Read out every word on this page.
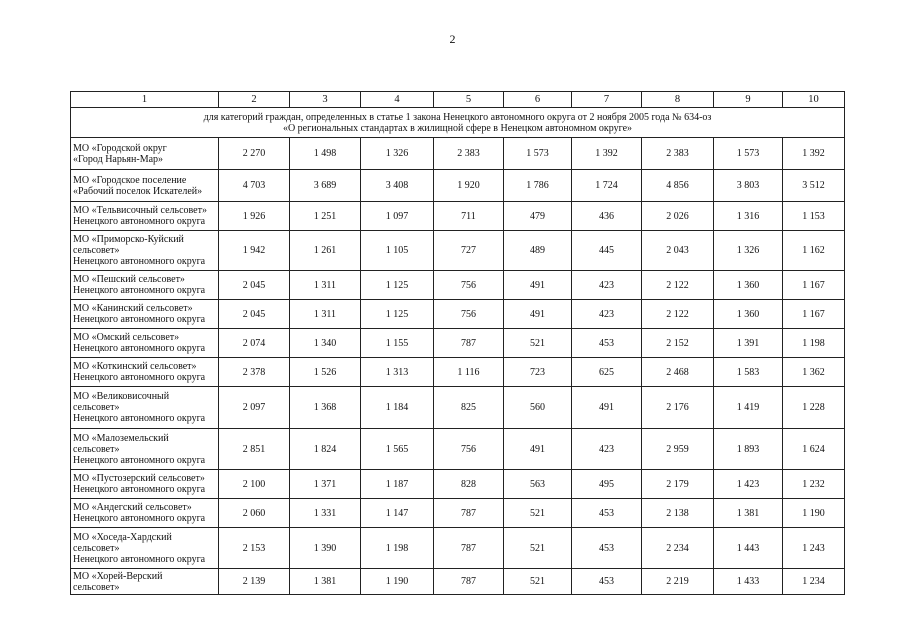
2
1	2	3	4	5	6	7	8	9	10

для категорий граждан, определенных в статье 1 закона Ненецкого автономного округа от 2 ноября 2005 года № 634-оз
«О региональных стандартах в жилищной сфере в Ненецком автономном округе»									

МО «Городской округ
«Город Нарьян-Мар»	2 270	1 498	1 326	2 383	1 573	1 392	2 383	1 573	1 392

МО «Городское поселение
«Рабочий поселок Искателей»	4 703	3 689	3 408	1 920	1 786	1 724	4 856	3 803	3 512

МО «Тельвисочный сельсовет»
Ненецкого автономного округа	1 926	1 251	1 097	711	479	436	2 026	1 316	1 153

МО «Приморско-Куйский
сельсовет»
Ненецкого автономного округа	1 942	1 261	1 105	727	489	445	2 043	1 326	1 162

МО «Пешский сельсовет»
Ненецкого автономного округа	2 045	1 311	1 125	756	491	423	2 122	1 360	1 167

МО «Канинский сельсовет»
Ненецкого автономного округа	2 045	1 311	1 125	756	491	423	2 122	1 360	1 167

МО «Омский сельсовет»
Ненецкого автономного округа	2 074	1 340	1 155	787	521	453	2 152	1 391	1 198

МО «Коткинский сельсовет»
Ненецкого автономного округа	2 378	1 526	1 313	1 116	723	625	2 468	1 583	1 362

МО «Великовисочный
сельсовет»
Ненецкого автономного округа	2 097	1 368	1 184	825	560	491	2 176	1 419	1 228

МО «Малоземельский
сельсовет»
Ненецкого автономного округа	2 851	1 824	1 565	756	491	423	2 959	1 893	1 624

МО «Пустозерский сельсовет»
Ненецкого автономного округа	2 100	1 371	1 187	828	563	495	2 179	1 423	1 232

МО «Андегский сельсовет»
Ненецкого автономного округа	2 060	1 331	1 147	787	521	453	2 138	1 381	1 190

МО «Хоседа-Хардский
сельсовет»
Ненецкого автономного округа	2 153	1 390	1 198	787	521	453	2 234	1 443	1 243

МО «Хорей-Верский
сельсовет»	2 139	1 381	1 190	787	521	453	2 219	1 433	1 234
